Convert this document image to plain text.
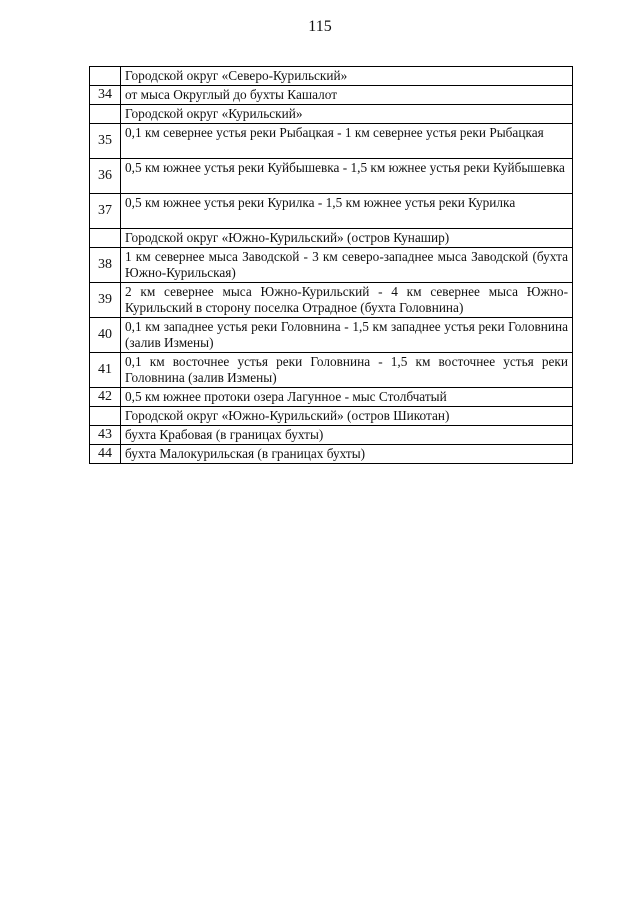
115
	Городской округ «Северо-Курильский»
34	от мыса Округлый до бухты Кашалот
	Городской округ «Курильский»
35	0,1 км севернее устья реки Рыбацкая - 1 км севернее устья реки Рыбацкая
36	0,5 км южнее устья реки Куйбышевка - 1,5 км южнее устья реки Куйбышевка
37	0,5 км южнее устья реки Курилка - 1,5 км южнее устья реки Курилка
	Городской округ «Южно-Курильский» (остров Кунашир)
38	1 км севернее мыса Заводской - 3 км северо-западнее мыса Заводской (бухта Южно-Курильская)
39	2 км севернее мыса Южно-Курильский - 4 км севернее мыса Южно-Курильский в сторону поселка Отрадное (бухта Головнина)
40	0,1 км западнее устья реки Головнина - 1,5 км западнее устья реки Головнина (залив Измены)
41	0,1 км восточнее устья реки Головнина - 1,5 км восточнее устья реки Головнина (залив Измены)
42	0,5 км южнее протоки озера Лагунное - мыс Столбчатый
	Городской округ «Южно-Курильский» (остров Шикотан)
43	бухта Крабовая (в границах бухты)
44	бухта Малокурильская (в границах бухты)
